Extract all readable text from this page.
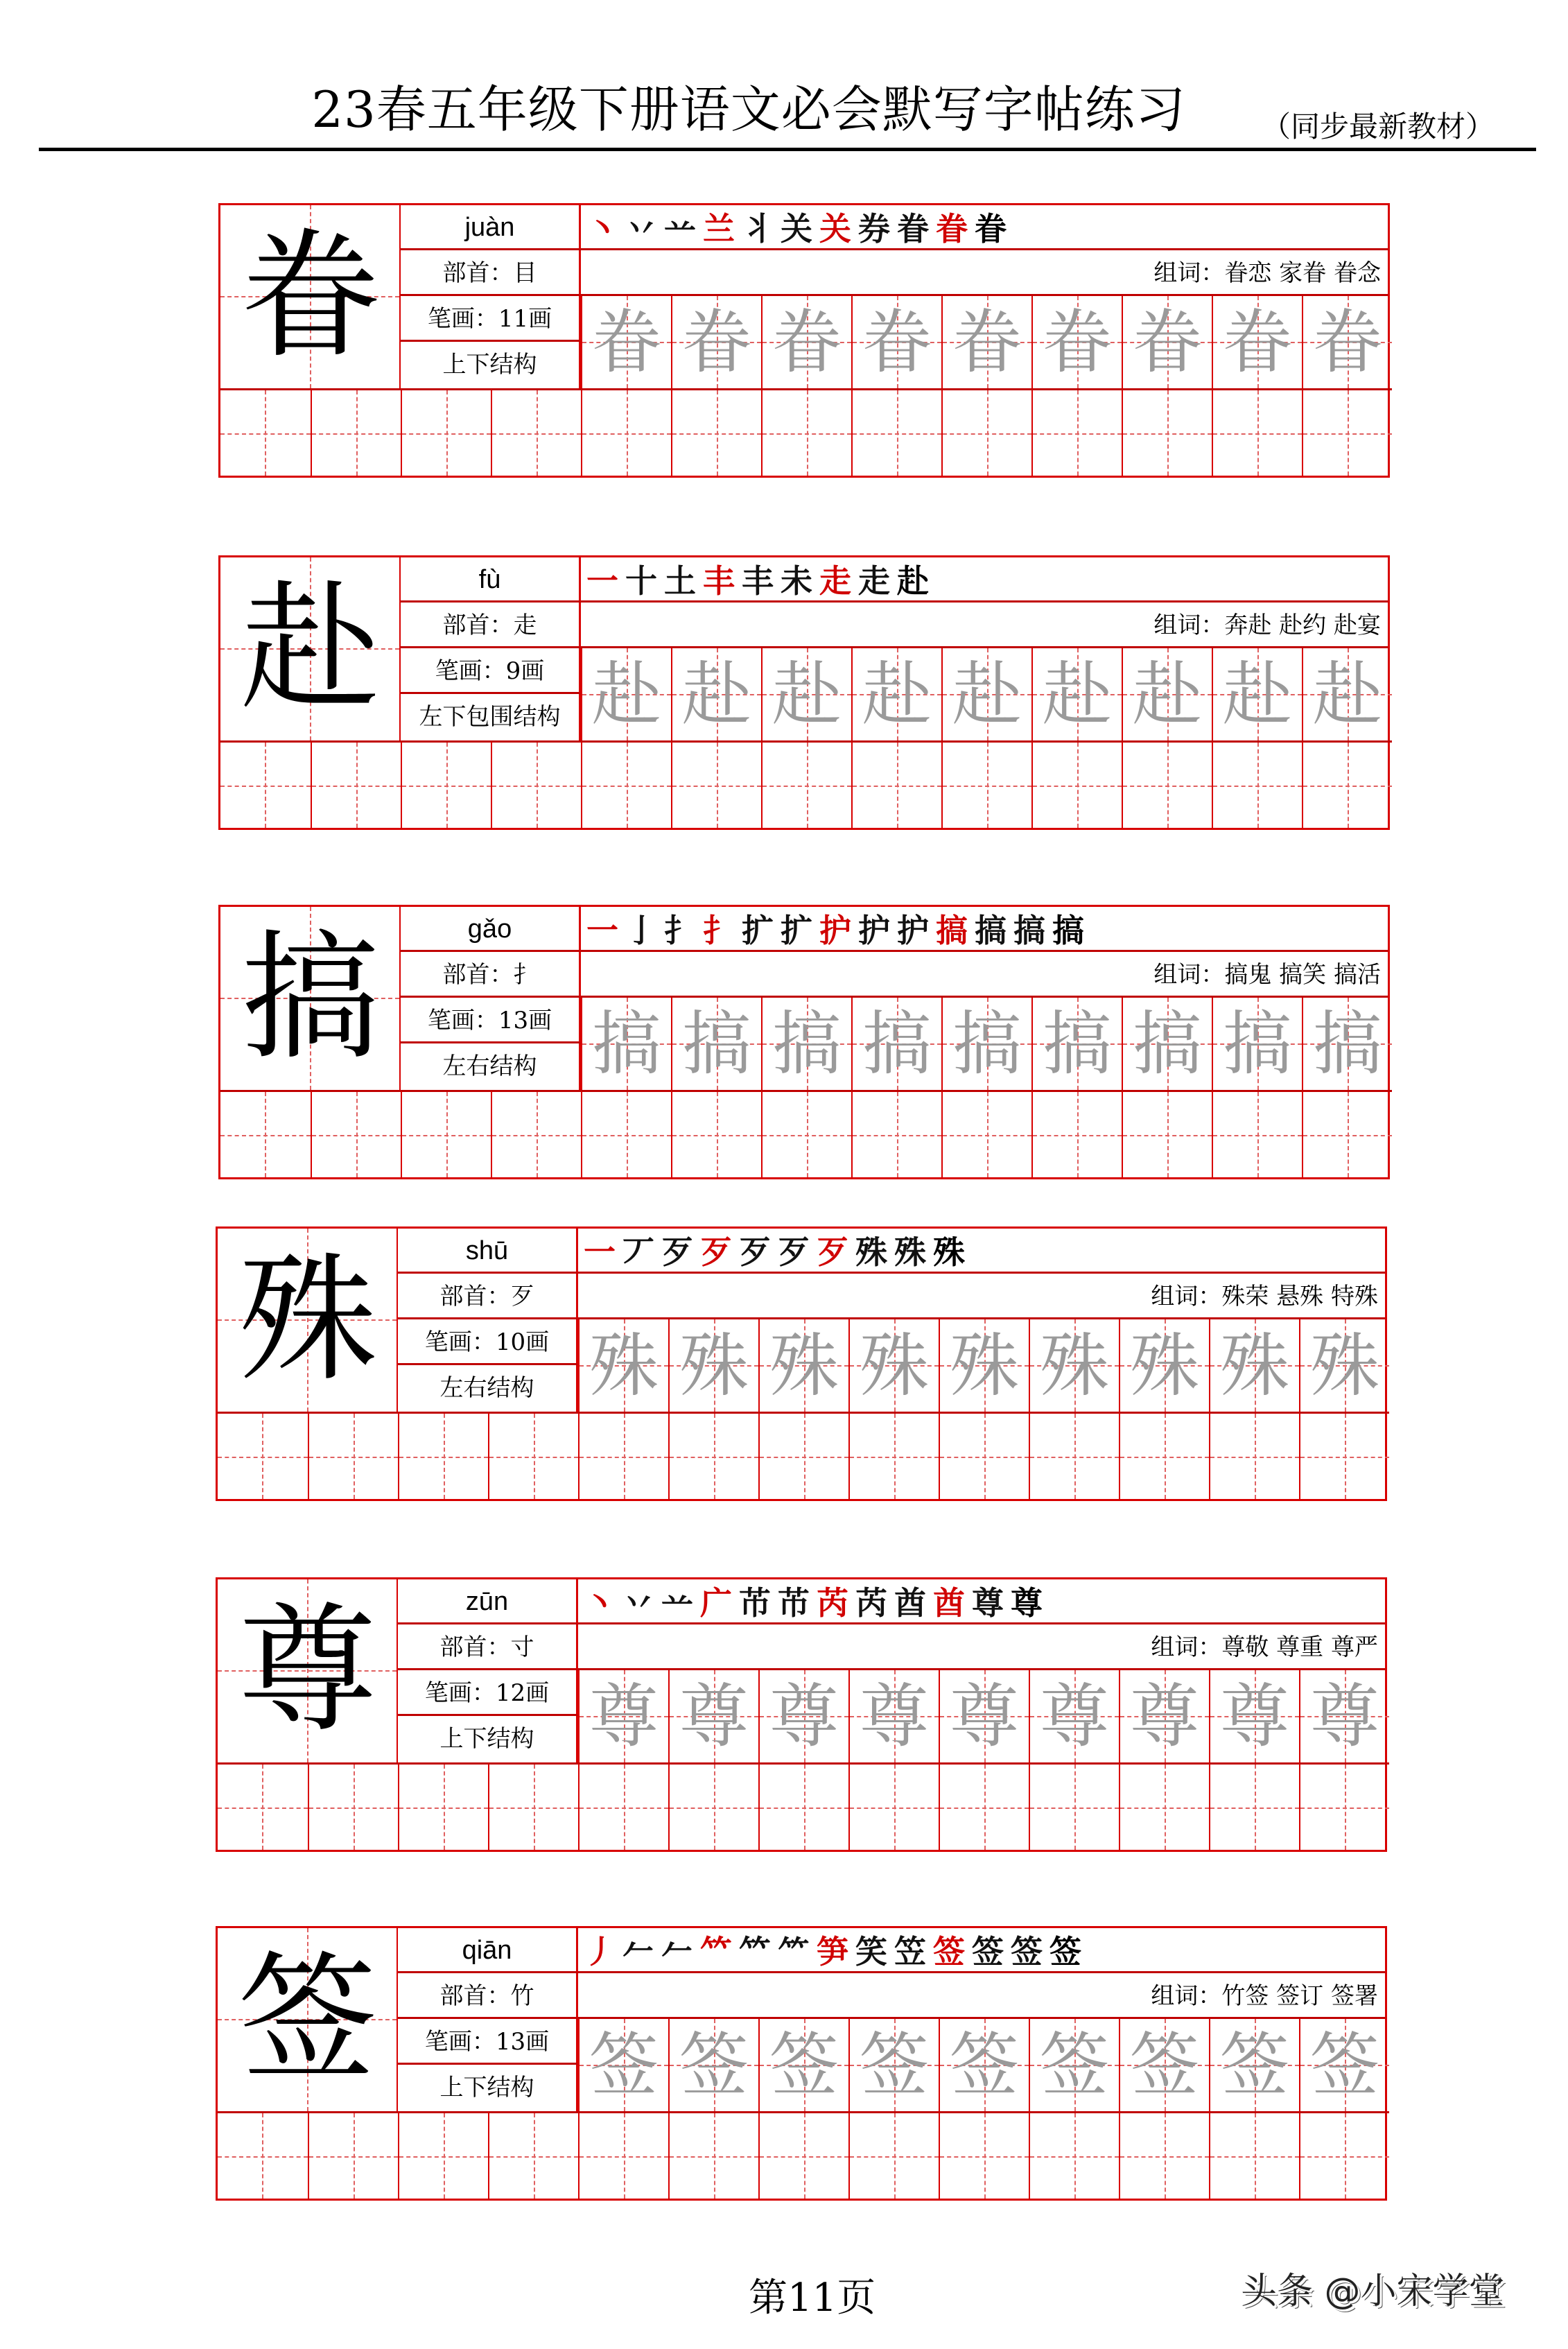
23春五年级下册语文必会默写字帖练习	（同步最新教材）
眷	juàn
部首：目
笔画：11画
上下结构
丶 丷 䒑 兰 丬 关 关 券 眷 眷 眷
组词：眷恋 家眷 眷念
眷 眷 眷 眷 眷 眷 眷 眷 眷
赴	fù
部首：走
笔画：9画
左下包围结构
一 十 土 丰 丰 未 走 走 赴
组词：奔赴 赴约 赴宴
赴 赴 赴 赴 赴 赴 赴 赴 赴
搞	gǎo
部首：扌
笔画：13画
左右结构
一 亅 扌 扌 扩 扩 护 护 护 搞 搞 搞 搞
组词：搞鬼 搞笑 搞活
搞 搞 搞 搞 搞 搞 搞 搞 搞
殊	shū
部首：歹
笔画：10画
左右结构
一 丆 歹 歹 歹 歹 歹 殊 殊 殊
组词：殊荣 悬殊 特殊
殊 殊 殊 殊 殊 殊 殊 殊 殊
尊	zūn
部首：寸
笔画：12画
上下结构
丶 丷 䒑 广 芇 芇 芮 芮 酋 酋 尊 尊
组词：尊敬 尊重 尊严
尊 尊 尊 尊 尊 尊 尊 尊 尊
签	qiān
部首：竹
笔画：13画
上下结构
丿 𠂉 𠂉 𥫗 𥫗 ⺮ 笋 笑 笠 签 签 签 签
组词：竹签 签订 签署
签 签 签 签 签 签 签 签 签
第11页	头条 @小宋学堂
